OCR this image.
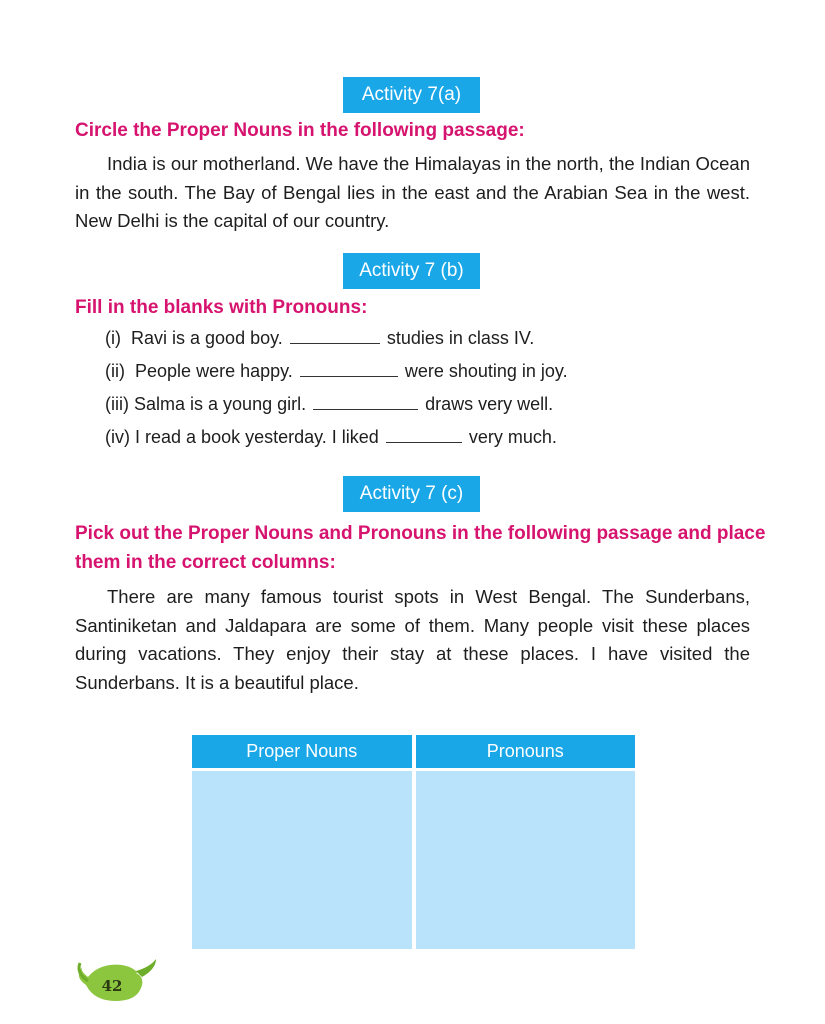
Activity 7(a)
Circle the Proper Nouns in the following passage:

India is our motherland. We have the Himalayas in the north, the Indian Ocean in the south. The Bay of Bengal lies in the east and the Arabian Sea in the west. New Delhi is the capital of our country.

Activity 7 (b)
Fill in the blanks with Pronouns:
(i) Ravi is a good boy.	studies in class IV.
(ii) People were happy.	were shouting in joy.
(iii) Salma is a young girl.	draws very well.
(iv) I read a book yesterday. I liked	very much.
Activity 7 (c)
Pick out the Proper Nouns and Pronouns in the following passage and place
them in the correct columns:

There are many famous tourist spots in West Bengal. The Sunderbans, Santiniketan and Jaldapara are some of them. Many people visit these places during vacations. They enjoy their stay at these places. I have visited the Sunderbans. It is a beautiful place.

Proper Nouns	Pronouns
42
